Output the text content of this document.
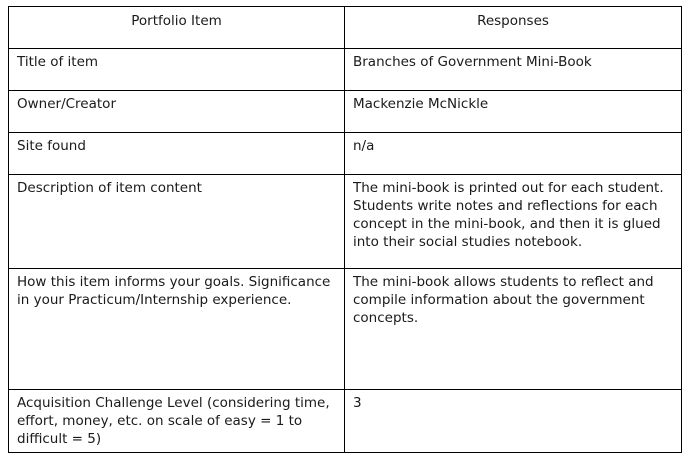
Portfolio Item	Responses

Title of item	Branches of Government Mini-Book

Owner/Creator	Mackenzie McNickle

Site found	n/a

Description of item content	The mini-book is printed out for each student. Students write notes and reflections for each concept in the mini-book, and then it is glued into their social studies notebook.

How this item informs your goals. Significance in your Practicum/Internship experience.	The mini-book allows students to reflect and compile information about the government concepts.

Acquisition Challenge Level (considering time, effort, money, etc. on scale of easy = 1 to difficult = 5)	3
